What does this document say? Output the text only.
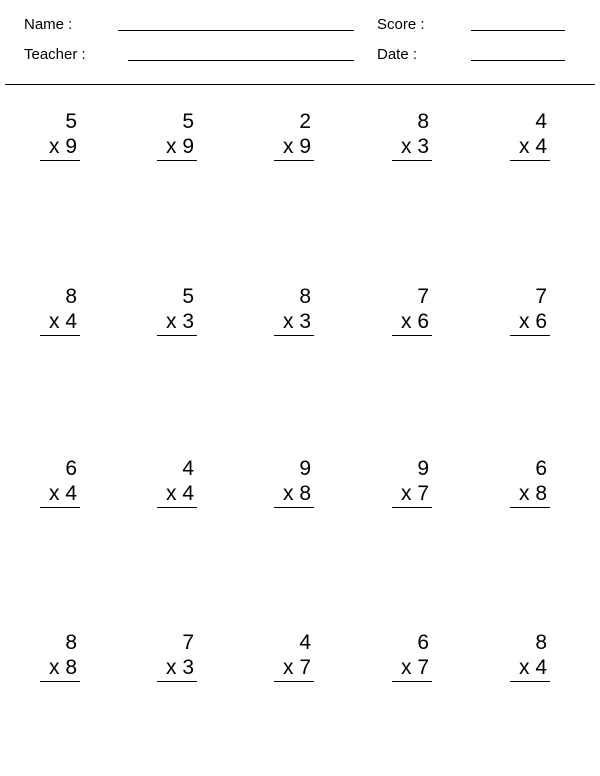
Name :
Teacher :
Score :
Date :
5
x 9
5
x 9
2
x 9
8
x 3
4
x 4
8
x 4
5
x 3
8
x 3
7
x 6
7
x 6
6
x 4
4
x 4
9
x 8
9
x 7
6
x 8
8
x 8
7
x 3
4
x 7
6
x 7
8
x 4
